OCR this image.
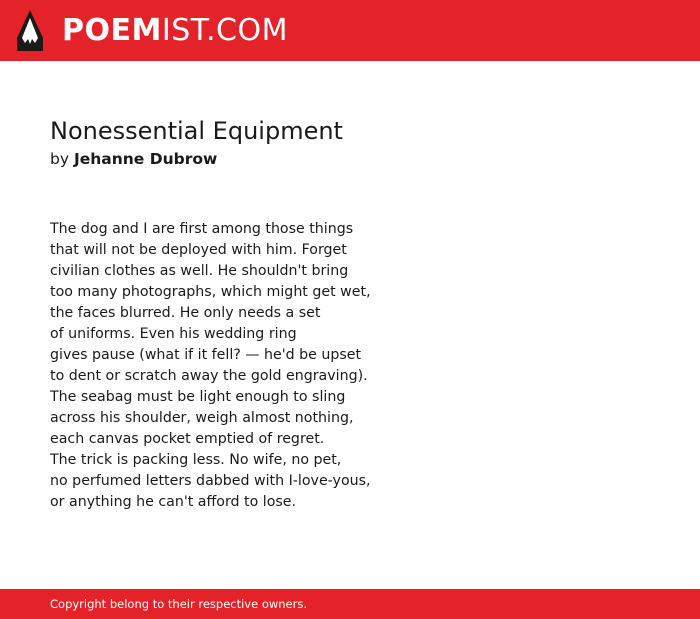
POEMIST.COM
Nonessential Equipment
by Jehanne Dubrow
The dog and I are first among those things
that will not be deployed with him. Forget
civilian clothes as well. He shouldn't bring
too many photographs, which might get wet,
the faces blurred. He only needs a set
of uniforms. Even his wedding ring
gives pause (what if it fell? — he'd be upset
to dent or scratch away the gold engraving).
The seabag must be light enough to sling
across his shoulder, weigh almost nothing,
each canvas pocket emptied of regret.
The trick is packing less. No wife, no pet,
no perfumed letters dabbed with I-love-yous,
or anything he can't afford to lose.
Copyright belong to their respective owners.
